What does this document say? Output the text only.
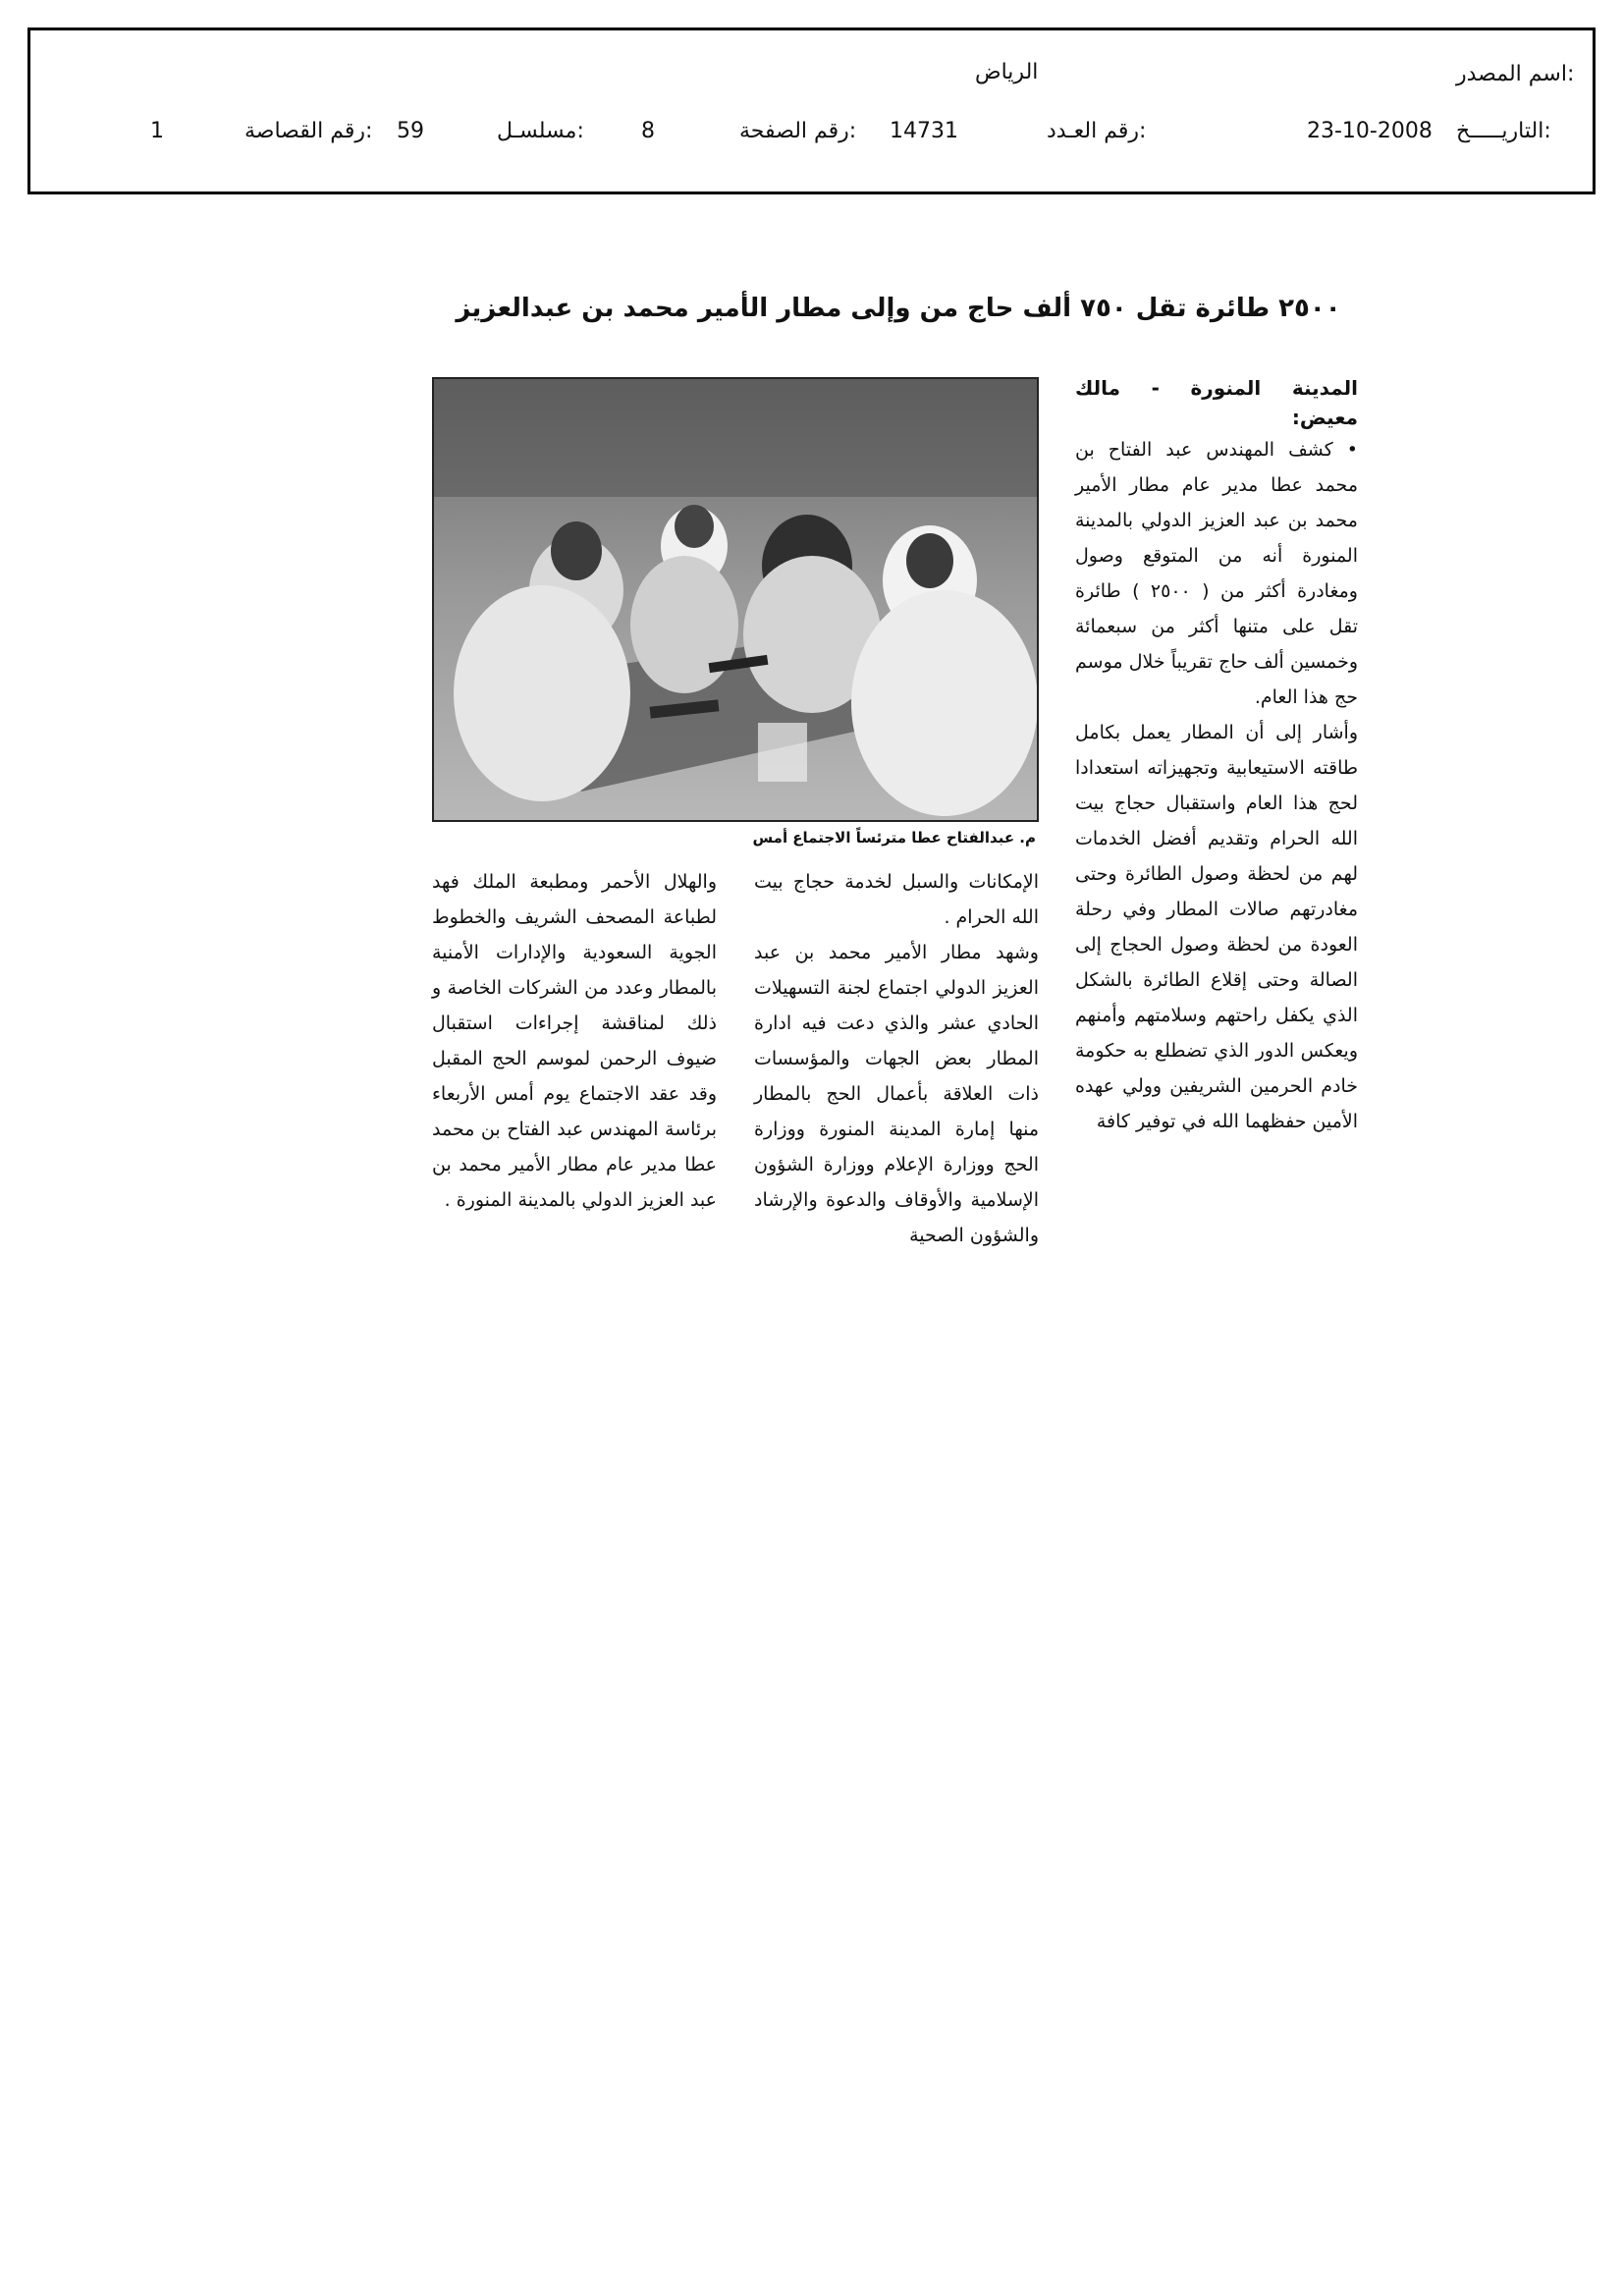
اسم المصدر:
الرياض
التاريـــــخ:
23-10-2008
رقم العـدد:
14731
رقم الصفحة:
8
مسلسـل:
59
رقم القصاصة:
1
٢٥٠٠ طائرة تقل ٧٥٠ ألف حاج من وإلى مطار الأمير محمد بن عبدالعزيز
م. عبدالفتاح عطا مترئساً الاجتماع أمس

المدينة المنورة - مالك معيض:

• كشف المهندس عبد الفتاح بن محمد عطا مدير عام مطار الأمير محمد بن عبد العزيز الدولي بالمدينة المنورة أنه من المتوقع وصول ومغادرة أكثر من ( ٢٥٠٠ ) طائرة تقل على متنها أكثر من سبعمائة وخمسين ألف حاج تقريباً خلال موسم حج هذا العام.

وأشار إلى أن المطار يعمل بكامل طاقته الاستيعابية وتجهيزاته استعدادا لحج هذا العام واستقبال حجاج بيت الله الحرام وتقديم أفضل الخدمات لهم من لحظة وصول الطائرة وحتى مغادرتهم صالات المطار وفي رحلة العودة من لحظة وصول الحجاج إلى الصالة وحتى إقلاع الطائرة بالشكل الذي يكفل راحتهم وسلامتهم وأمنهم ويعكس الدور الذي تضطلع به حكومة خادم الحرمين الشريفين وولي عهده الأمين حفظهما الله في توفير كافة

الإمكانات والسبل لخدمة حجاج بيت الله الحرام .

وشهد مطار الأمير محمد بن عبد العزيز الدولي اجتماع لجنة التسهيلات الحادي عشر والذي دعت فيه ادارة المطار بعض الجهات والمؤسسات ذات العلاقة بأعمال الحج بالمطار منها إمارة المدينة المنورة ووزارة الحج ووزارة الإعلام ووزارة الشؤون الإسلامية والأوقاف والدعوة والإرشاد والشؤون الصحية

والهلال الأحمر ومطبعة الملك فهد لطباعة المصحف الشريف والخطوط الجوية السعودية والإدارات الأمنية بالمطار وعدد من الشركات الخاصة و ذلك لمناقشة إجراءات استقبال ضيوف الرحمن لموسم الحج المقبل وقد عقد الاجتماع يوم أمس الأربعاء برئاسة المهندس عبد الفتاح بن محمد عطا مدير عام مطار الأمير محمد بن عبد العزيز الدولي بالمدينة المنورة .
